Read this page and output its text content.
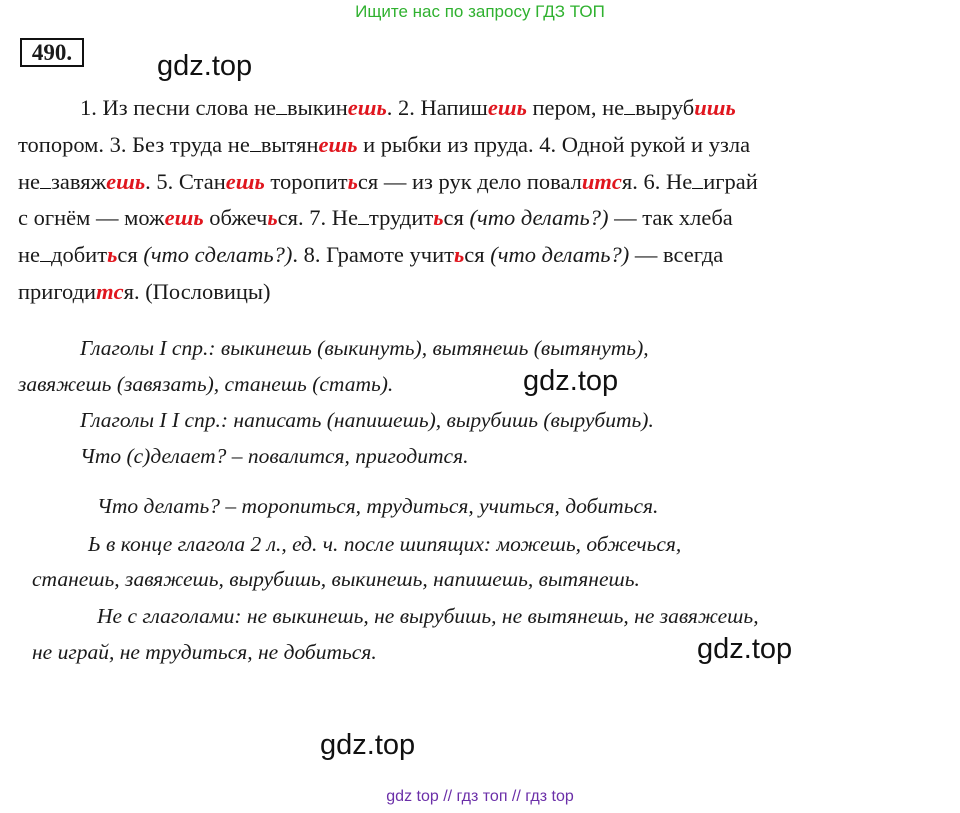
Ищите нас по запросу ГДЗ ТОП
490.	gdz.top
1. Из песни слова не выкинешь. 2. Напишешь пером, не вырубишь
топором. 3. Без труда не вытянешь и рыбки из пруда. 4. Одной рукой и узла
не завяжешь. 5. Станешь торопиться — из рук дело повалится. 6. Не играй
с огнём — можешь обжечься. 7. Не трудиться (что делать?) — так хлеба
не добиться (что сделать?). 8. Грамоте учиться (что делать?) — всегда
пригодится. (Пословицы)
Глаголы I спр.: выкинешь (выкинуть), вытянешь (вытянуть),
завяжешь (завязать), станешь (стать).	gdz.top
Глаголы I I спр.: написать (напишешь), вырубишь (вырубить).
Что (с)делает? – повалится, пригодится.
Что делать? – торопиться, трудиться, учиться, добиться.
Ь в конце глагола 2 л., ед. ч. после шипящих: можешь, обжечься,
станешь, завяжешь, вырубишь, выкинешь, напишешь, вытянешь.
Не с глаголами: не выкинешь, не вырубишь, не вытянешь, не завяжешь,
не играй, не трудиться, не добиться.	gdz.top
gdz.top
gdz top // гдз топ // гдз top
